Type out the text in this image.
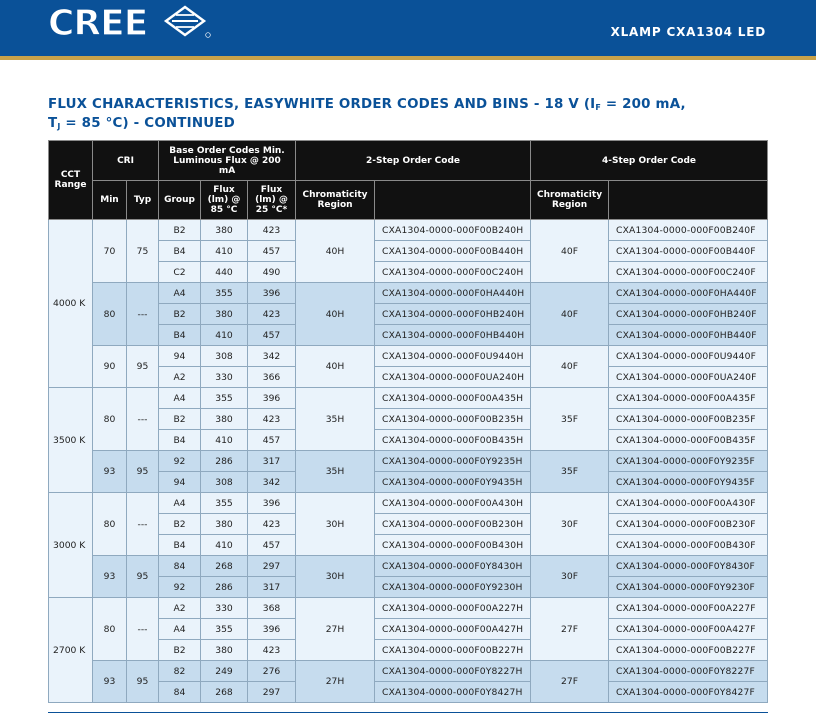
CREE	XLAMP CXA1304 LED
FLUX CHARACTERISTICS, EASYWHITE ORDER CODES AND BINS - 18 V ($I_F = 200$ mA,
$T_J = 85$ °C) - CONTINUED
CCT Range	CRI		Base Order Codes Min. Luminous Flux @ 200 mA			2-Step Order Code		4-Step Order Code	
	Min	Typ	Group	Flux (lm) @ 85 °C	Flux (lm) @ 25 °C*	Chromaticity Region		Chromaticity Region	
4000 K	70	75	B2	380	423	40H	CXA1304-0000-000F00B240H	40F	CXA1304-0000-000F00B240F
			B4	410	457		CXA1304-0000-000F00B440H		CXA1304-0000-000F00B440F
			C2	440	490		CXA1304-0000-000F00C240H		CXA1304-0000-000F00C240F
	80	---	A4	355	396	40H	CXA1304-0000-000F0HA440H	40F	CXA1304-0000-000F0HA440F
			B2	380	423		CXA1304-0000-000F0HB240H		CXA1304-0000-000F0HB240F
			B4	410	457		CXA1304-0000-000F0HB440H		CXA1304-0000-000F0HB440F
	90	95	94	308	342	40H	CXA1304-0000-000F0U9440H	40F	CXA1304-0000-000F0U9440F
			A2	330	366		CXA1304-0000-000F0UA240H		CXA1304-0000-000F0UA240F
3500 K	80	---	A4	355	396	35H	CXA1304-0000-000F00A435H	35F	CXA1304-0000-000F00A435F
			B2	380	423		CXA1304-0000-000F00B235H		CXA1304-0000-000F00B235F
			B4	410	457		CXA1304-0000-000F00B435H		CXA1304-0000-000F00B435F
	93	95	92	286	317	35H	CXA1304-0000-000F0Y9235H	35F	CXA1304-0000-000F0Y9235F
			94	308	342		CXA1304-0000-000F0Y9435H		CXA1304-0000-000F0Y9435F
3000 K	80	---	A4	355	396	30H	CXA1304-0000-000F00A430H	30F	CXA1304-0000-000F00A430F
			B2	380	423		CXA1304-0000-000F00B230H		CXA1304-0000-000F00B230F
			B4	410	457		CXA1304-0000-000F00B430H		CXA1304-0000-000F00B430F
	93	95	84	268	297	30H	CXA1304-0000-000F0Y8430H	30F	CXA1304-0000-000F0Y8430F
			92	286	317		CXA1304-0000-000F0Y9230H		CXA1304-0000-000F0Y9230F
2700 K	80	---	A2	330	368	27H	CXA1304-0000-000F00A227H	27F	CXA1304-0000-000F00A227F
			A4	355	396		CXA1304-0000-000F00A427H		CXA1304-0000-000F00A427F
			B2	380	423		CXA1304-0000-000F00B227H		CXA1304-0000-000F00B227F
	93	95	82	249	276	27H	CXA1304-0000-000F0Y8227H	27F	CXA1304-0000-000F0Y8227F
			84	268	297		CXA1304-0000-000F0Y8427H		CXA1304-0000-000F0Y8427F
